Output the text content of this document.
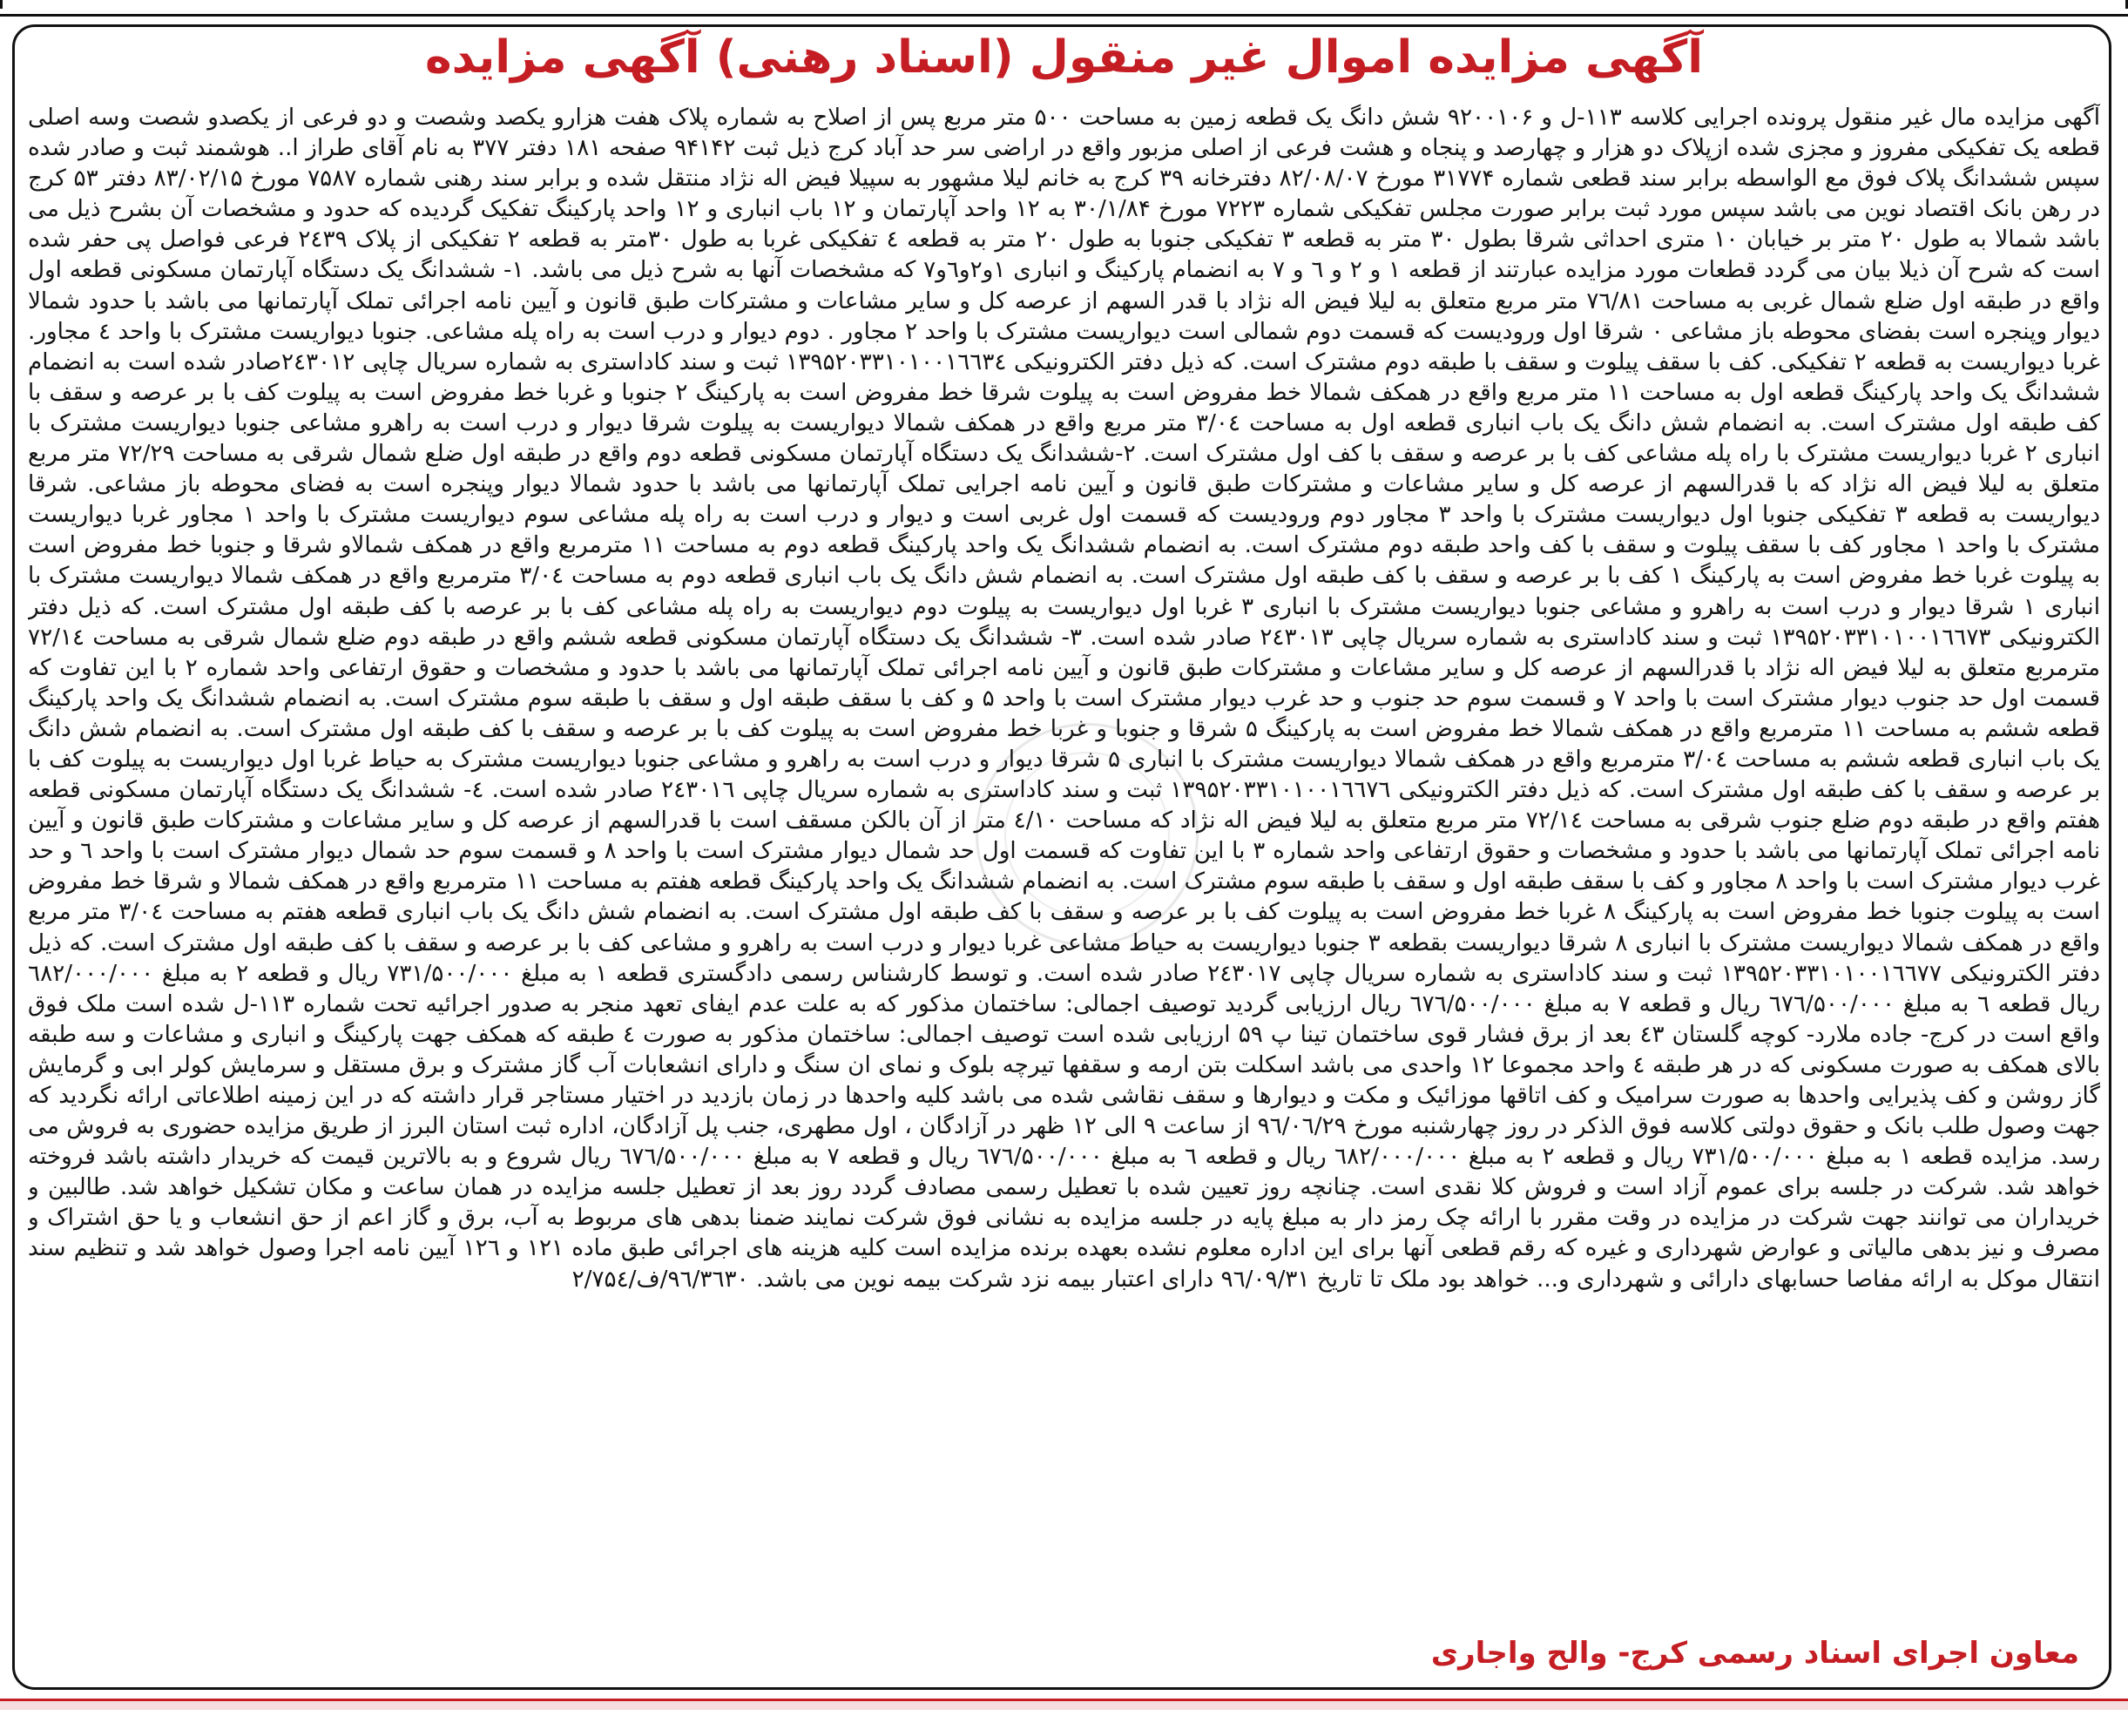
آگهی مزایده اموال غیر منقول (اسناد رهنی) آگهی مزایده
آگهی مزایده مال غیر منقول پرونده اجرایی کلاسه ۱۱۳-ل و ۹۲۰۰۱۰۶ شش دانگ یک قطعه زمین به مساحت ۵۰۰ متر مربع پس از اصلاح به شماره پلاک هفت هزارو یکصد وشصت و دو فرعی از یکصدو شصت وسه اصلی قطعه یک تفکیکی مفروز و مجزی شده ازپلاک دو هزار و چهارصد و پنجاه و هشت فرعی از اصلی مزبور واقع در اراضی سر حد آباد کرج ذیل ثبت ۹۴۱۴۲ صفحه ۱۸۱ دفتر ۳۷۷ به نام آقای طراز ا.. هوشمند ثبت و صادر شده سپس ششدانگ پلاک فوق مع الواسطه برابر سند قطعی شماره ۳۱۷۷۴ مورخ ۸۲/۰۸/۰۷ دفترخانه ۳۹ کرج به خانم لیلا مشهور به سپیلا فیض اله نژاد منتقل شده و برابر سند رهنی شماره ۷۵۸۷ مورخ ۸۳/۰۲/۱۵ دفتر ۵۳ کرج در رهن بانک اقتصاد نوین می باشد سپس مورد ثبت برابر صورت مجلس تفکیکی شماره ۷۲۲۳ مورخ ۳۰/۱/۸۴ به ۱۲ واحد آپارتمان و ۱۲ باب انباری و ۱۲ واحد پارکینگ تفکیک گردیده که حدود و مشخصات آن بشرح ذیل می باشد شمالا به طول ۲۰ متر بر خیابان ۱۰ متری احداثی شرقا بطول ۳۰ متر به قطعه ۳ تفکیکی جنوبا به طول ۲۰ متر به قطعه ٤ تفکیکی غربا به طول ۳۰متر به قطعه ۲ تفکیکی از پلاک ۲٤۳۹ فرعی فواصل پی حفر شده است که شرح آن ذیلا بیان می گردد قطعات مورد مزایده عبارتند از قطعه ۱ و ۲ و ٦ و ۷ به انضمام پارکینگ و انباری ۱و۲و٦و۷ که مشخصات آنها به شرح ذیل می باشد. ۱- ششدانگ یک دستگاه آپارتمان مسکونی قطعه اول واقع در طبقه اول ضلع شمال غربی به مساحت ۷٦/۸۱ متر مربع متعلق به لیلا فیض اله نژاد با قدر السهم از عرصه کل و سایر مشاعات و مشترکات طبق قانون و آیین نامه اجرائی تملک آپارتمانها می باشد با حدود شمالا دیوار وپنجره است بفضای محوطه باز مشاعی ۰ شرقا اول ورودیست که قسمت دوم شمالی است دیواریست مشترک با واحد ۲ مجاور . دوم دیوار و درب است به راه پله مشاعی. جنوبا دیواریست مشترک با واحد ٤ مجاور. غربا دیواریست به قطعه ۲ تفکیکی. کف با سقف پیلوت و سقف با طبقه دوم مشترک است. که ذیل دفتر الکترونیکی ۱۳۹۵۲۰۳۳۱۰۱۰۰۱٦٦۳٤ ثبت و سند کاداستری به شماره سریال چاپی ۲٤۳۰۱۲صادر شده است به انضمام ششدانگ یک واحد پارکینگ قطعه اول به مساحت ۱۱ متر مربع واقع در همکف شمالا خط مفروض است به پیلوت شرقا خط مفروض است به پارکینگ ۲ جنوبا و غربا خط مفروض است به پیلوت کف با بر عرصه و سقف با کف طبقه اول مشترک است. به انضمام شش دانگ یک باب انباری قطعه اول به مساحت ۳/۰٤ متر مربع واقع در همکف شمالا دیواریست به پیلوت شرقا دیوار و درب است به راهرو مشاعی جنوبا دیواریست مشترک با انباری ۲ غربا دیواریست مشترک با راه پله مشاعی کف با بر عرصه و سقف با کف اول مشترک است. ۲-ششدانگ یک دستگاه آپارتمان مسکونی قطعه دوم واقع در طبقه اول ضلع شمال شرقی به مساحت ۷۲/۲۹ متر مربع متعلق به لیلا فیض اله نژاد که با قدرالسهم از عرصه کل و سایر مشاعات و مشترکات طبق قانون و آیین نامه اجرایی تملک آپارتمانها می باشد با حدود شمالا دیوار وپنجره است به فضای محوطه باز مشاعی. شرقا دیواریست به قطعه ۳ تفکیکی جنوبا اول دیواریست مشترک با واحد ۳ مجاور دوم ورودیست که قسمت اول غربی است و دیوار و درب است به راه پله مشاعی سوم دیواریست مشترک با واحد ۱ مجاور غربا دیواریست مشترک با واحد ۱ مجاور کف با سقف پیلوت و سقف با کف واحد طبقه دوم مشترک است. به انضمام ششدانگ یک واحد پارکینگ قطعه دوم به مساحت ۱۱ مترمربع واقع در همکف شمالاو شرقا و جنوبا خط مفروض است به پیلوت غربا خط مفروض است به پارکینگ ۱ کف با بر عرصه و سقف با کف طبقه اول مشترک است. به انضمام شش دانگ یک باب انباری قطعه دوم به مساحت ۳/۰٤ مترمربع واقع در همکف شمالا دیواریست مشترک با انباری ۱ شرقا دیوار و درب است به راهرو و مشاعی جنوبا دیواریست مشترک با انباری ۳ غربا اول دیواریست به پیلوت دوم دیواریست به راه پله مشاعی کف با بر عرصه با کف طبقه اول مشترک است. که ذیل دفتر الکترونیکی ۱۳۹۵۲۰۳۳۱۰۱۰۰۱٦٦۷۳ ثبت و سند کاداستری به شماره سریال چاپی ۲٤۳۰۱۳ صادر شده است. ۳- ششدانگ یک دستگاه آپارتمان مسکونی قطعه ششم واقع در طبقه دوم ضلع شمال شرقی به مساحت ۷۲/۱٤ مترمربع متعلق به لیلا فیض اله نژاد با قدرالسهم از عرصه کل و سایر مشاعات و مشترکات طبق قانون و آیین نامه اجرائی تملک آپارتمانها می باشد با حدود و مشخصات و حقوق ارتفاعی واحد شماره ۲ با این تفاوت که قسمت اول حد جنوب دیوار مشترک است با واحد ۷ و قسمت سوم حد جنوب و حد غرب دیوار مشترک است با واحد ۵ و کف با سقف طبقه اول و سقف با طبقه سوم مشترک است. به انضمام ششدانگ یک واحد پارکینگ قطعه ششم به مساحت ۱۱ مترمربع واقع در همکف شمالا خط مفروض است به پارکینگ ۵ شرقا و جنوبا و غربا خط مفروض است به پیلوت کف با بر عرصه و سقف با کف طبقه اول مشترک است. به انضمام شش دانگ یک باب انباری قطعه ششم به مساحت ۳/۰٤ مترمربع واقع در همکف شمالا دیواریست مشترک با انباری ۵ شرقا دیوار و درب است به راهرو و مشاعی جنوبا دیواریست مشترک به حیاط غربا اول دیواریست به پیلوت کف با بر عرصه و سقف با کف طبقه اول مشترک است. که ذیل دفتر الکترونیکی ۱۳۹۵۲۰۳۳۱۰۱۰۰۱٦٦۷٦ ثبت و سند کاداستری به شماره سریال چاپی ۲٤۳۰۱٦ صادر شده است. ٤- ششدانگ یک دستگاه آپارتمان مسکونی قطعه هفتم واقع در طبقه دوم ضلع جنوب شرقی به مساحت ۷۲/۱٤ متر مربع متعلق به لیلا فیض اله نژاد که مساحت ٤/۱۰ متر از آن بالکن مسقف است با قدرالسهم از عرصه کل و سایر مشاعات و مشترکات طبق قانون و آیین نامه اجرائی تملک آپارتمانها می باشد با حدود و مشخصات و حقوق ارتفاعی واحد شماره ۳ با این تفاوت که قسمت اول حد شمال دیوار مشترک است با واحد ۸ و قسمت سوم حد شمال دیوار مشترک است با واحد ٦ و حد غرب دیوار مشترک است با واحد ۸ مجاور و کف با سقف طبقه اول و سقف با طبقه سوم مشترک است. به انضمام ششدانگ یک واحد پارکینگ قطعه هفتم به مساحت ۱۱ مترمربع واقع در همکف شمالا و شرقا خط مفروض است به پیلوت جنوبا خط مفروض است به پارکینگ ۸ غربا خط مفروض است به پیلوت کف با بر عرصه و سقف با کف طبقه اول مشترک است. به انضمام شش دانگ یک باب انباری قطعه هفتم به مساحت ۳/۰٤ متر مربع واقع در همکف شمالا دیواریست مشترک با انباری ۸ شرقا دیواریست بقطعه ۳ جنوبا دیواریست به حیاط مشاعی غربا دیوار و درب است به راهرو و مشاعی کف با بر عرصه و سقف با کف طبقه اول مشترک است. که ذیل دفتر الکترونیکی ۱۳۹۵۲۰۳۳۱۰۱۰۰۱٦٦۷۷ ثبت و سند کاداستری به شماره سریال چاپی ۲٤۳۰۱۷ صادر شده است. و توسط کارشناس رسمی دادگستری قطعه ۱ به مبلغ ۷۳۱/۵۰۰/۰۰۰ ریال و قطعه ۲ به مبلغ ٦۸۲/۰۰۰/۰۰۰ ریال قطعه ٦ به مبلغ ٦۷٦/۵۰۰/۰۰۰ ریال و قطعه ۷ به مبلغ ٦۷٦/۵۰۰/۰۰۰ ریال ارزیابی گردید توصیف اجمالی: ساختمان مذکور که به علت عدم ایفای تعهد منجر به صدور اجرائیه تحت شماره ۱۱۳-ل شده است ملک فوق واقع است در کرج- جاده ملارد- کوچه گلستان ٤۳ بعد از برق فشار قوی ساختمان تینا پ ۵۹ ارزیابی شده است توصیف اجمالی: ساختمان مذکور به صورت ٤ طبقه که همکف جهت پارکینگ و انباری و مشاعات و سه طبقه بالای همکف به صورت مسکونی که در هر طبقه ٤ واحد مجموعا ۱۲ واحدی می باشد اسکلت بتن ارمه و سقفها تیرچه بلوک و نمای ان سنگ و دارای انشعابات آب گاز مشترک و برق مستقل و سرمایش کولر ابی و گرمایش گاز روشن و کف پذیرایی واحدها به صورت سرامیک و کف اتاقها موزائیک و مکت و دیوارها و سقف نقاشی شده می باشد کلیه واحدها در زمان بازدید در اختیار مستاجر قرار داشته که در این زمینه اطلاعاتی ارائه نگردید که جهت وصول طلب بانک و حقوق دولتی کلاسه فوق الذکر در روز چهارشنبه مورخ ۹٦/۰٦/۲۹ از ساعت ۹ الی ۱۲ ظهر در آزادگان ، اول مطهری، جنب پل آزادگان، اداره ثبت استان البرز از طریق مزایده حضوری به فروش می رسد. مزایده قطعه ۱ به مبلغ ۷۳۱/۵۰۰/۰۰۰ ریال و قطعه ۲ به مبلغ ٦۸۲/۰۰۰/۰۰۰ ریال و قطعه ٦ به مبلغ ٦۷٦/۵۰۰/۰۰۰ ریال و قطعه ۷ به مبلغ ٦۷٦/۵۰۰/۰۰۰ ریال شروع و به بالاترین قیمت که خریدار داشته باشد فروخته خواهد شد. شرکت در جلسه برای عموم آزاد است و فروش کلا نقدی است. چنانچه روز تعیین شده با تعطیل رسمی مصادف گردد روز بعد از تعطیل جلسه مزایده در همان ساعت و مکان تشکیل خواهد شد. طالبین و خریداران می توانند جهت شرکت در مزایده در وقت مقرر با ارائه چک رمز دار به مبلغ پایه در جلسه مزایده به نشانی فوق شرکت نمایند ضمنا بدهی های مربوط به آب، برق و گاز اعم از حق انشعاب و یا حق اشتراک و مصرف و نیز بدهی مالیاتی و عوارض شهرداری و غیره که رقم قطعی آنها برای این اداره معلوم نشده بعهده برنده مزایده است کلیه هزینه های اجرائی طبق ماده ۱۲۱ و ۱۲٦ آیین نامه اجرا وصول خواهد شد و تنظیم سند انتقال موکل به ارائه مفاصا حسابهای دارائی و شهرداری و... خواهد بود ملک تا تاریخ ۹٦/۰۹/۳۱ دارای اعتبار بیمه نزد شرکت بیمه نوین می باشد. ۹٦/۳٦۳۰/ف/۲/۷۵٤
معاون اجرای اسناد رسمی کرج- والح واجاری
